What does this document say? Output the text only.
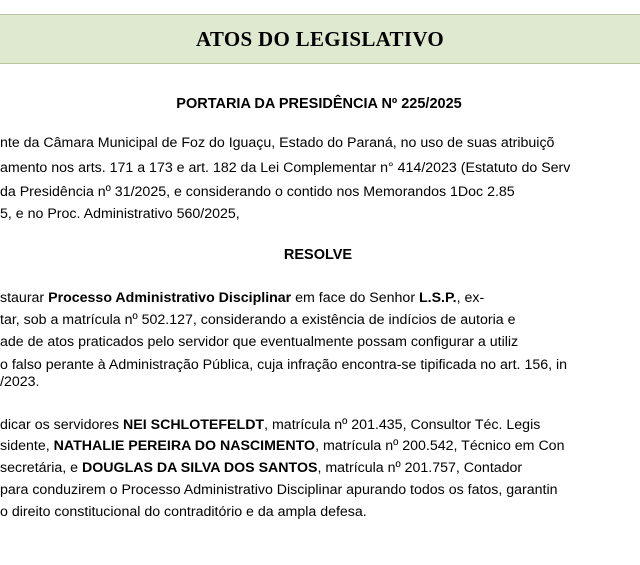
ATOS DO LEGISLATIVO
PORTARIA DA PRESIDÊNCIA Nº 225/2025
nte da Câmara Municipal de Foz do Iguaçu, Estado do Paraná, no uso de suas atribuiçõ
amento nos arts. 171 a 173 e art. 182 da Lei Complementar n° 414/2023 (Estatuto do Serv
da Presidência nº 31/2025, e considerando o contido nos Memorandos 1Doc 2.85
5, e no Proc. Administrativo 560/2025,
RESOLVE
staurar Processo Administrativo Disciplinar em face do Senhor L.S.P., ex-
tar, sob a matrícula nº 502.127, considerando a existência de indícios de autoria e
ade de atos praticados pelo servidor que eventualmente possam configurar a utiliz
o falso perante à Administração Pública, cuja infração encontra-se tipificada no art. 156, in
/2023.
dicar os servidores NEI SCHLOTEFELDT, matrícula nº 201.435, Consultor Téc. Legis
sidente, NATHALIE PEREIRA DO NASCIMENTO, matrícula nº 200.542, Técnico em Con
secretária, e DOUGLAS DA SILVA DOS SANTOS, matrícula nº 201.757, Contador
para conduzirem o Processo Administrativo Disciplinar apurando todos os fatos, garantin
o direito constitucional do contraditório e da ampla defesa.
